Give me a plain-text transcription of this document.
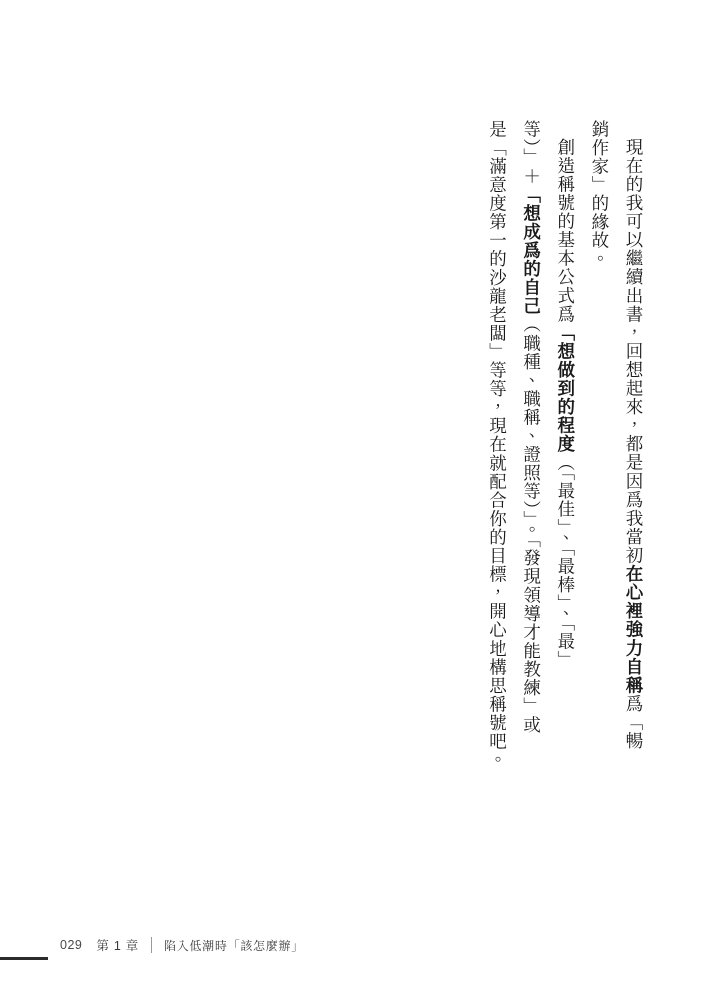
現在的我可以繼續出書，回想起來，都是因爲我當初在心裡強力自稱爲「暢
銷作家」的緣故。
創造稱號的基本公式爲「想做到的程度（「最佳」、「最棒」、「最」
等）」＋「想成爲的自己（職種、職稱、證照等）」。「發現領導才能教練」或
是「滿意度第一的沙龍老闆」等等，現在就配合你的目標，開心地構思稱號吧。
029	第 1 章	陷入低潮時「該怎麼辦」
